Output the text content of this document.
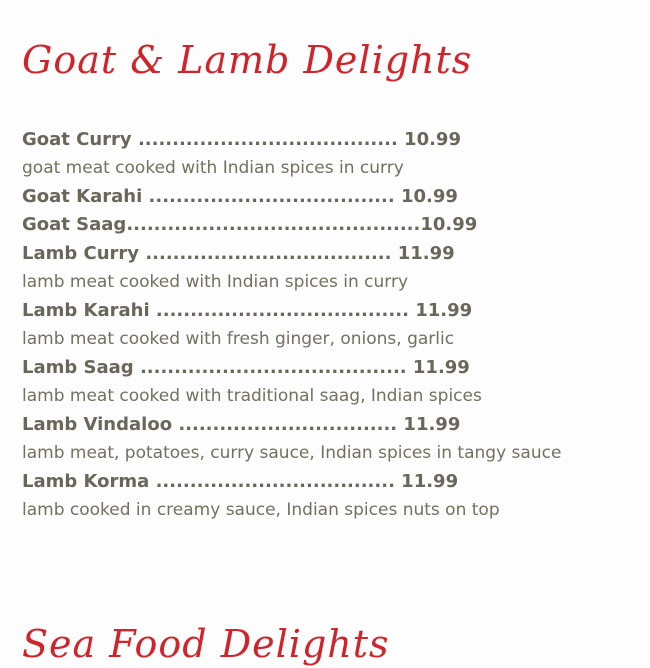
Goat & Lamb Delights
Goat Curry ...................................... 10.99
goat meat cooked with Indian spices in curry
Goat Karahi .................................... 10.99
Goat Saag...........................................10.99
Lamb Curry .................................... 11.99
lamb meat cooked with Indian spices in curry
Lamb Karahi ..................................... 11.99
lamb meat cooked with fresh ginger, onions, garlic
Lamb Saag ....................................... 11.99
lamb meat cooked with traditional saag, Indian spices
Lamb Vindaloo ................................ 11.99
lamb meat, potatoes, curry sauce, Indian spices in tangy sauce
Lamb Korma ................................... 11.99
lamb cooked in creamy sauce, Indian spices nuts on top
Sea Food Delights
